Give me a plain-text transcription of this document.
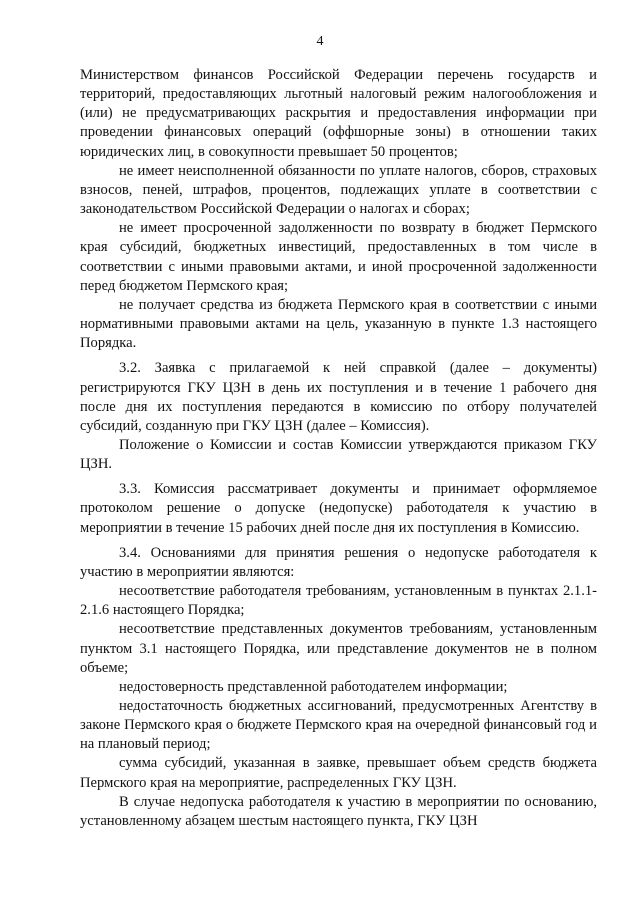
4

Министерством финансов Российской Федерации перечень государств и территорий, предоставляющих льготный налоговый режим налогообложения и (или) не предусматривающих раскрытия и предоставления информации при проведении финансовых операций (оффшорные зоны) в отношении таких юридических лиц, в совокупности превышает 50 процентов;

не имеет неисполненной обязанности по уплате налогов, сборов, страховых взносов, пеней, штрафов, процентов, подлежащих уплате в соответствии с законодательством Российской Федерации о налогах и сборах;

не имеет просроченной задолженности по возврату в бюджет Пермского края субсидий, бюджетных инвестиций, предоставленных в том числе в соответствии с иными правовыми актами, и иной просроченной задолженности перед бюджетом Пермского края;

не получает средства из бюджета Пермского края в соответствии с иными нормативными правовыми актами на цель, указанную в пункте 1.3 настоящего Порядка.

3.2. Заявка с прилагаемой к ней справкой (далее – документы) регистрируются ГКУ ЦЗН в день их поступления и в течение 1 рабочего дня после дня их поступления передаются в комиссию по отбору получателей субсидий, созданную при ГКУ ЦЗН (далее – Комиссия).

Положение о Комиссии и состав Комиссии утверждаются приказом ГКУ ЦЗН.

3.3. Комиссия рассматривает документы и принимает оформляемое протоколом решение о допуске (недопуске) работодателя к участию в мероприятии в течение 15 рабочих дней после дня их поступления в Комиссию.

3.4. Основаниями для принятия решения о недопуске работодателя к участию в мероприятии являются:

несоответствие работодателя требованиям, установленным в пунктах 2.1.1-2.1.6 настоящего Порядка;

несоответствие представленных документов требованиям, установленным пунктом 3.1 настоящего Порядка, или представление документов не в полном объеме;

недостоверность представленной работодателем информации;

недостаточность бюджетных ассигнований, предусмотренных Агентству в законе Пермского края о бюджете Пермского края на очередной финансовый год и на плановый период;

сумма субсидий, указанная в заявке, превышает объем средств бюджета Пермского края на мероприятие, распределенных ГКУ ЦЗН.

В случае недопуска работодателя к участию в мероприятии по основанию, установленному абзацем шестым настоящего пункта, ГКУ ЦЗН
